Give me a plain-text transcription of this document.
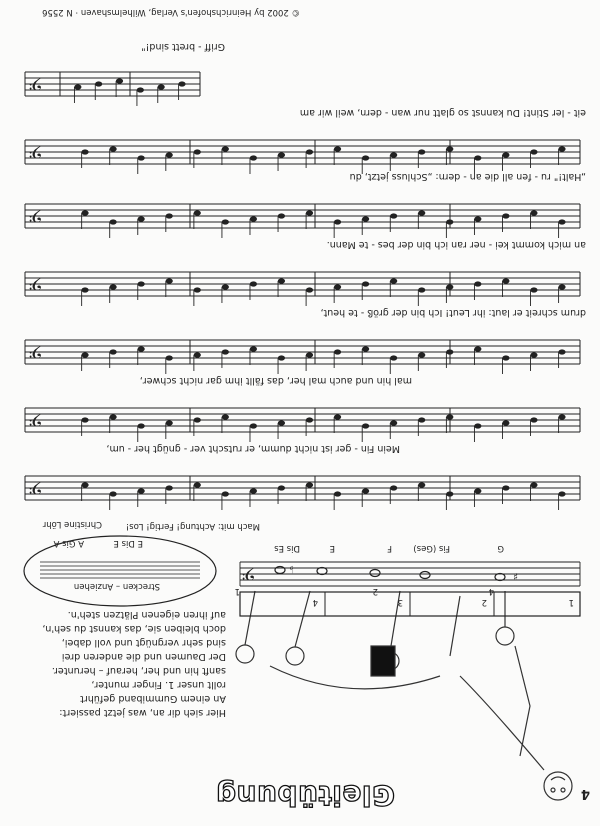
4
Gleitübung
Hier sieh dir an, was jetzt passiert:
An einem Gummiband geführt
rollt unser 1. Finger munter,
sanft hin und her, herauf – herunter.
Der Daumen und die anderen drei
sind sehr vergnügt und voll dabei,
doch bleiben sie, das kannst du seh'n,
auf ihren eigenen Plätzen steh'n.
1
2
3
4
𝄢	♯
♭
1	2	4
Dis Es	E	F	Fis (Ges)	G
Strecken – Anziehen
E Dis E
A Gis A
Mach mit: Achtung! Fertig! Los!
Christine Löhr
𝄢
𝄢
𝄢
𝄢
𝄢
𝄢
𝄢
Mein Fin - ger ist nicht dumm, er rutscht ver - gnügt her - um,
mal hin und auch mal her, das fällt ihm gar nicht schwer,
drum schreit er laut: ihr Leut! Ich bin der größ - te heut,
an mich kommt kei - ner ran ich bin der bes - te Mann.
„Halt!" ru - fen all die an - dern: „Schluss jetzt, du
eit - ler Stint! Du kannst so glatt nur wan - dern, weil wir am
Griff - brett sind!"
© 2002 by Heinrichshofen's Verlag, Wilhelmshaven · N 2556
